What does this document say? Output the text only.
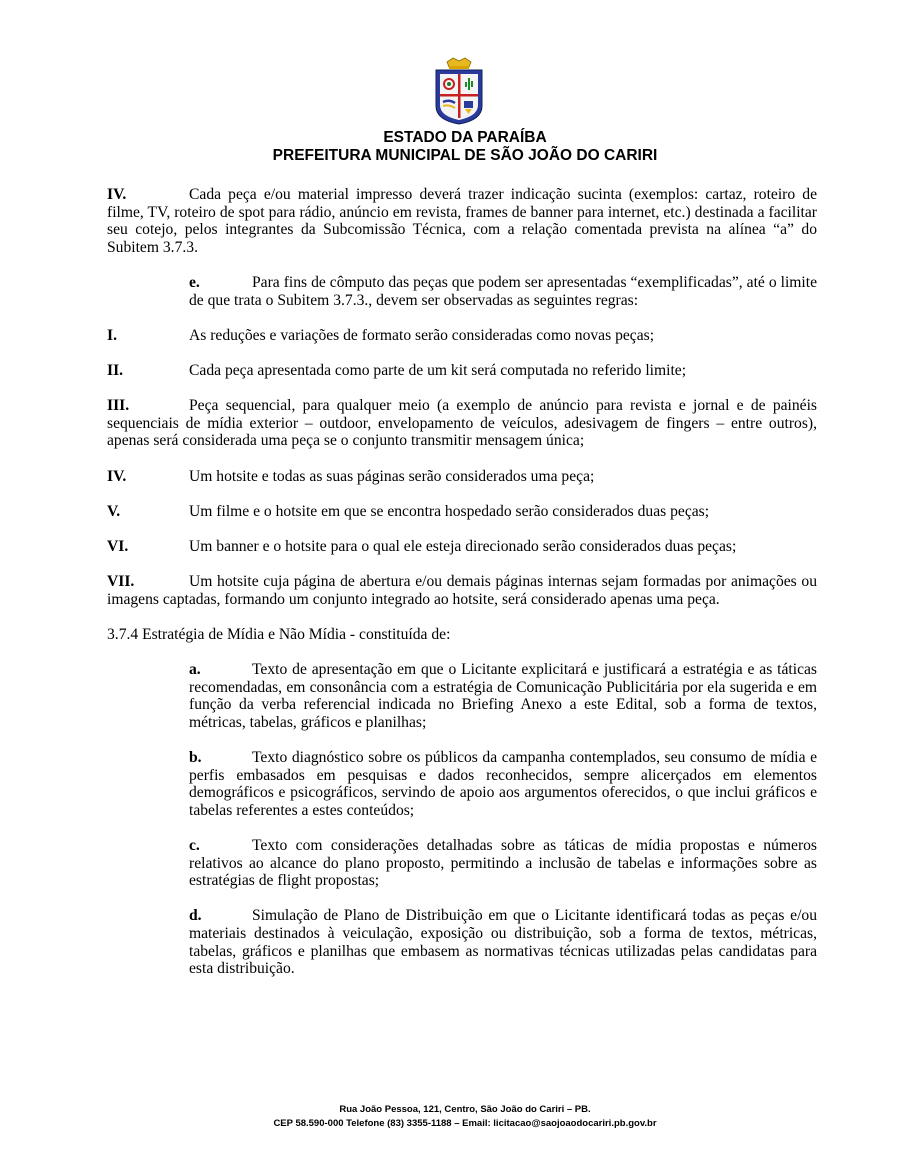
ESTADO DA PARAÍBA
PREFEITURA MUNICIPAL DE SÃO JOÃO DO CARIRI

IV.	Cada peça e/ou material impresso deverá trazer indicação sucinta (exemplos: cartaz, roteiro de filme, TV, roteiro de spot para rádio, anúncio em revista, frames de banner para internet, etc.) destinada a facilitar seu cotejo, pelos integrantes da Subcomissão Técnica, com a relação comentada prevista na alínea “a” do Subitem 3.7.3.

e.	Para fins de cômputo das peças que podem ser apresentadas “exemplificadas”, até o limite de que trata o Subitem 3.7.3., devem ser observadas as seguintes regras:

I.	As reduções e variações de formato serão consideradas como novas peças;
II.	Cada peça apresentada como parte de um kit será computada no referido limite;

III.	Peça sequencial, para qualquer meio (a exemplo de anúncio para revista e jornal e de painéis sequenciais de mídia exterior – outdoor, envelopamento de veículos, adesivagem de fingers – entre outros), apenas será considerada uma peça se o conjunto transmitir mensagem única;

IV.	Um hotsite e todas as suas páginas serão considerados uma peça;
V.	Um filme e o hotsite em que se encontra hospedado serão considerados duas peças;
VI.	Um banner e o hotsite para o qual ele esteja direcionado serão considerados duas peças;

VII.	Um hotsite cuja página de abertura e/ou demais páginas internas sejam formadas por animações ou imagens captadas, formando um conjunto integrado ao hotsite, será considerado apenas uma peça.

3.7.4 Estratégia de Mídia e Não Mídia - constituída de:

a.	Texto de apresentação em que o Licitante explicitará e justificará a estratégia e as táticas recomendadas, em consonância com a estratégia de Comunicação Publicitária por ela sugerida e em função da verba referencial indicada no Briefing Anexo a este Edital, sob a forma de textos, métricas, tabelas, gráficos e planilhas;

b.	Texto diagnóstico sobre os públicos da campanha contemplados, seu consumo de mídia e perfis embasados em pesquisas e dados reconhecidos, sempre alicerçados em elementos demográficos e psicográficos, servindo de apoio aos argumentos oferecidos, o que inclui gráficos e tabelas referentes a estes conteúdos;

c.	Texto com considerações detalhadas sobre as táticas de mídia propostas e números relativos ao alcance do plano proposto, permitindo a inclusão de tabelas e informações sobre as estratégias de flight propostas;

d.	Simulação de Plano de Distribuição em que o Licitante identificará todas as peças e/ou materiais destinados à veiculação, exposição ou distribuição, sob a forma de textos, métricas, tabelas, gráficos e planilhas que embasem as normativas técnicas utilizadas pelas candidatas para esta distribuição.

Rua João Pessoa, 121, Centro, São João do Cariri – PB.
CEP 58.590-000 Telefone (83) 3355-1188 – Email: licitacao@saojoaodocariri.pb.gov.br
